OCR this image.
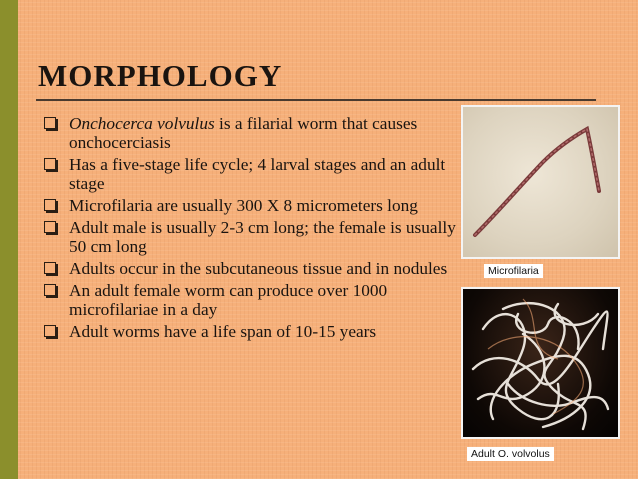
MORPHOLOGY
Onchocerca volvulus is a filarial worm that causes onchocerciasis
Has a five-stage life cycle; 4 larval stages and an adult stage
Microfilaria are usually 300 X 8 micrometers long
Adult male is usually 2-3 cm long; the female is usually 50 cm long
Adults occur in the subcutaneous tissue and in nodules
An adult female worm can produce over 1000 microfilariae in a day
Adult worms have a life span of 10-15 years
Microfilaria
Adult O. volvolus
